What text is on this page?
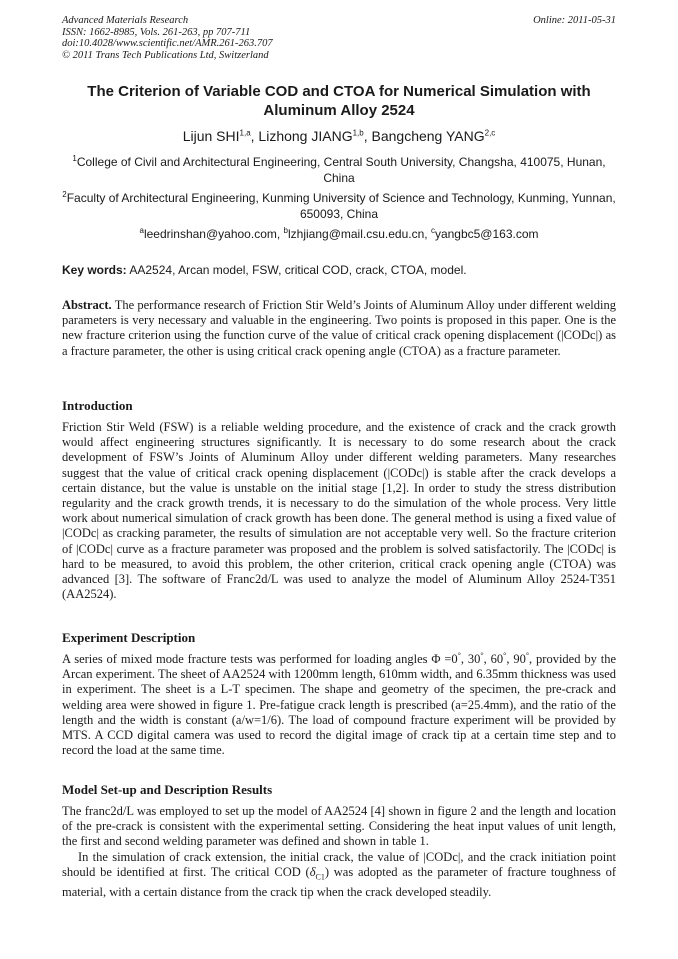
Advanced Materials Research	Online: 2011-05-31
ISSN: 1662-8985, Vols. 261-263, pp 707-711
doi:10.4028/www.scientific.net/AMR.261-263.707
© 2011 Trans Tech Publications Ltd, Switzerland
The Criterion of Variable COD and CTOA for Numerical Simulation with Aluminum Alloy 2524
Lijun SHI$^{1,a}$, Lizhong JIANG$^{1,b}$, Bangcheng YANG$^{2,c}$
$^1$College of Civil and Architectural Engineering, Central South University, Changsha, 410075, Hunan, China
$^2$Faculty of Architectural Engineering, Kunming University of Science and Technology, Kunming, Yunnan, 650093, China
$^a$leedrinshan@yahoo.com, $^b$lzhjiang@mail.csu.edu.cn, $^c$yangbc5@163.com
Key words: AA2524, Arcan model, FSW, critical COD, crack, CTOA, model.

Abstract. The performance research of Friction Stir Weld’s Joints of Aluminum Alloy under different welding parameters is very necessary and valuable in the engineering. Two points is proposed in this paper. One is the new fracture criterion using the function curve of the value of critical crack opening displacement (|CODc|) as a fracture parameter, the other is using critical crack opening angle (CTOA) as a fracture parameter.

Introduction

Friction Stir Weld (FSW) is a reliable welding procedure, and the existence of crack and the crack growth would affect engineering structures significantly. It is necessary to do some research about the crack development of FSW’s Joints of Aluminum Alloy under different welding parameters. Many researches suggest that the value of critical crack opening displacement (|CODc|) is stable after the crack develops a certain distance, but the value is unstable on the initial stage [1,2]. In order to study the stress distribution regularity and the crack growth trends, it is necessary to do the simulation of the whole process. Very little work about numerical simulation of crack growth has been done. The general method is using a fixed value of |CODc| as cracking parameter, the results of simulation are not acceptable very well. So the fracture criterion of |CODc| curve as a fracture parameter was proposed and the problem is solved satisfactorily. The |CODc| is hard to be measured, to avoid this problem, the other criterion, critical crack opening angle (CTOA) was advanced [3]. The software of Franc2d/L was used to analyze the model of Aluminum Alloy 2524-T351 (AA2524).

Experiment Description

A series of mixed mode fracture tests was performed for loading angles Φ =0°, 30°, 60°, 90°, provided by the Arcan experiment. The sheet of AA2524 with 1200mm length, 610mm width, and 6.35mm thickness was used in experiment. The sheet is a L-T specimen. The shape and geometry of the specimen, the pre-crack and welding area were showed in figure 1. Pre-fatigue crack length is prescribed (a=25.4mm), and the ratio of the length and the width is constant (a/w=1/6). The load of compound fracture experiment will be provided by MTS. A CCD digital camera was used to record the digital image of crack tip at a certain time step and to record the load at the same time.

Model Set-up and Description Results

The franc2d/L was employed to set up the model of AA2524 [4] shown in figure 2 and the length and location of the pre-crack is consistent with the experimental setting. Considering the heat input values of unit length, the first and second welding parameter was defined and shown in table 1.

In the simulation of crack extension, the initial crack, the value of |CODc|, and the crack initiation point should be identified at first. The critical COD $(\delta_{C1})$ was adopted as the parameter of fracture toughness of material, with a certain distance from the crack tip when the crack developed steadily.
